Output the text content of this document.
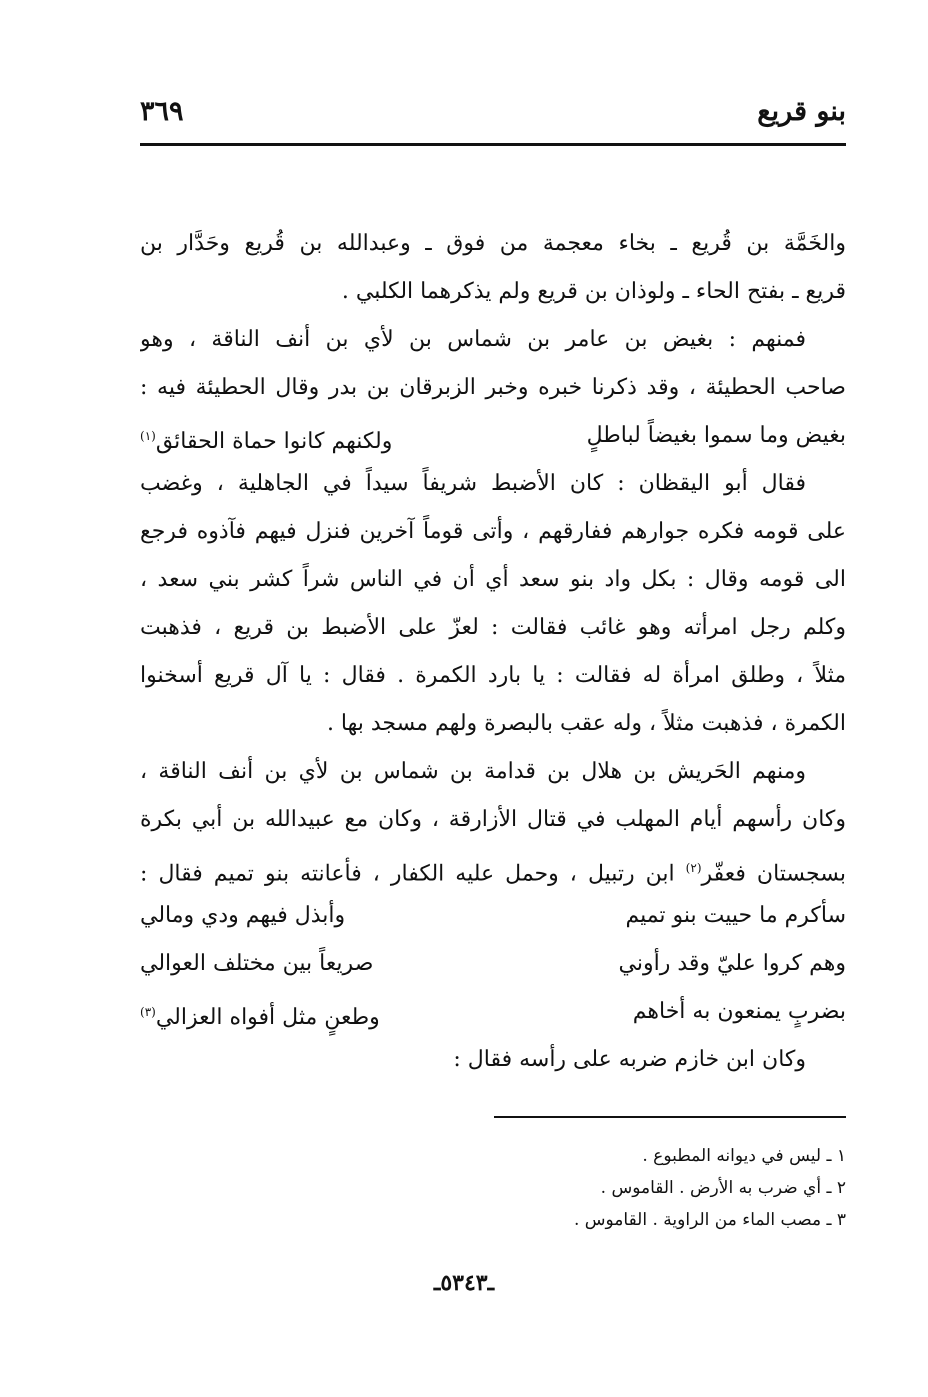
بنو قريع
٣٦٩
والخَمَّة بن قُريع ـ بخاء معجمة من فوق ـ وعبدالله بن قُريع وحَدَّار بن
قريع ـ بفتح الحاء ـ ولوذان بن قريع ولم يذكرهما الكلبي .
فمنهم : بغيض بن عامر بن شماس بن لأي بن أنف الناقة ، وهو
صاحب الحطيئة ، وقد ذكرنا خبره وخبر الزبرقان بن بدر وقال الحطيئة فيه :
بغيض وما سموا بغيضاً لباطلٍ
ولكنهم كانوا حماة الحقائق(١)
فقال أبو اليقظان : كان الأضبط شريفاً سيداً في الجاهلية ، وغضب
على قومه فكره جوارهم ففارقهم ، وأتى قوماً آخرين فنزل فيهم فآذوه فرجع
الى قومه وقال : بكل واد بنو سعد أي أن في الناس شراً كشر بني سعد ،
وكلم رجل امرأته وهو غائب فقالت : لعزّ على الأضبط بن قريع ، فذهبت
مثلاً ، وطلق امرأة له فقالت : يا بارد الكمرة . فقال : يا آل قريع أسخنوا
الكمرة ، فذهبت مثلاً ، وله عقب بالبصرة ولهم مسجد بها .
ومنهم الحَريش بن هلال بن قدامة بن شماس بن لأي بن أنف الناقة ،
وكان رأسهم أيام المهلب في قتال الأزارقة ، وكان مع عبيدالله بن أبي بكرة
بسجستان فعفّر$^{(٢)}$ ابن رتبيل ، وحمل عليه الكفار ، فأعانته بنو تميم فقال :
سأكرم ما حييت بنو تميم
وأبذل فيهم ودي ومالي
وهم كروا عليّ وقد رأوني
صريعاً بين مختلف العوالي
بضربٍ يمنعون به أخاهم
وطعنٍ مثل أفواه العزالي(٣)
وكان ابن خازم ضربه على رأسه فقال :
١ ـ ليس في ديوانه المطبوع .
٢ ـ أي ضرب به الأرض . القاموس .
٣ ـ مصب الماء من الراوية . القاموس .
ـ٥٣٤٣ـ
